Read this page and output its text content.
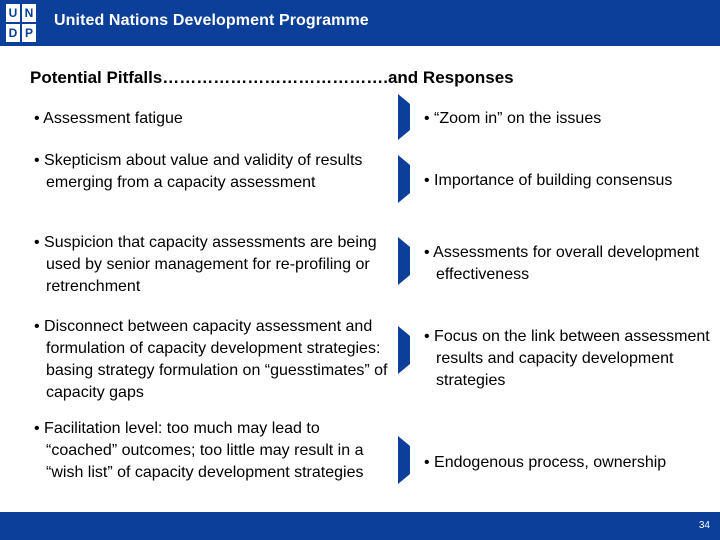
U N
D P
United Nations Development Programme
Potential Pitfalls………………………………….and Responses
• Assessment fatigue	• “Zoom in” on the issues
• Skepticism about value and validity of results emerging from a capacity assessment	• Importance of building consensus
• Suspicion that capacity assessments are being used by senior management for re-profiling or retrenchment
• Assessments for overall development effectiveness
• Disconnect between capacity assessment and formulation of capacity development strategies: basing strategy formulation on “guesstimates” of capacity gaps
• Focus on the link between assessment results and capacity development strategies
• Facilitation level: too much may lead to “coached” outcomes; too little may result in a “wish list” of capacity development strategies
• Endogenous process, ownership
34
